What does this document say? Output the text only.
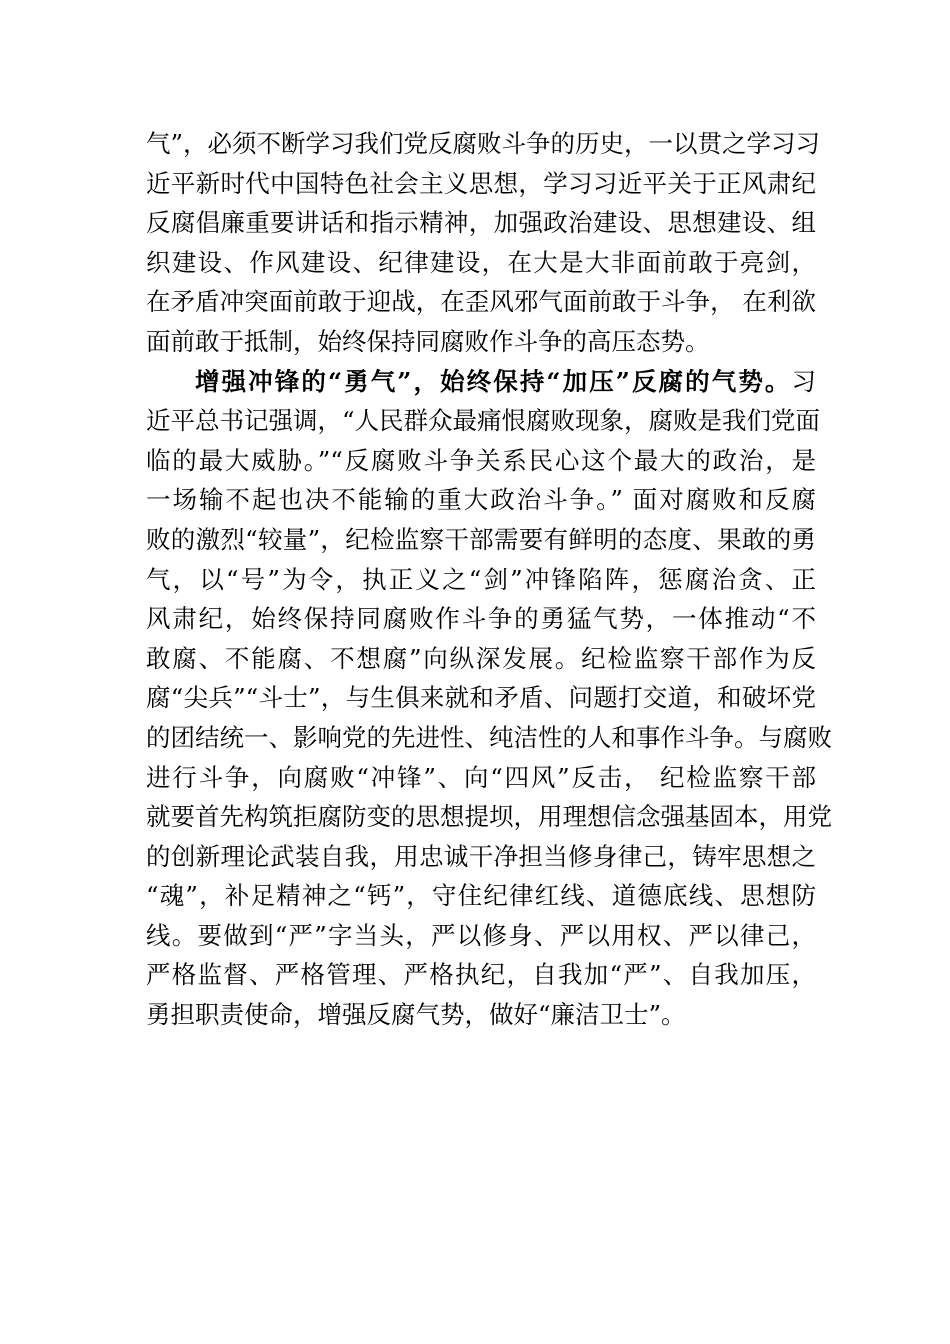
气”，必须不断学习我们党反腐败斗争的历史，一以贯之学习习
近平新时代中国特色社会主义思想，学习习近平关于正风肃纪
反腐倡廉重要讲话和指示精神，加强政治建设、思想建设、组
织建设、作风建设、纪律建设，在大是大非面前敢于亮剑，
在矛盾冲突面前敢于迎战，在歪风邪气面前敢于斗争， 在利欲
面前敢于抵制，始终保持同腐败作斗争的高压态势。
增强冲锋的“勇气”，始终保持“加压”反腐的气势。习
近平总书记强调，“人民群众最痛恨腐败现象，腐败是我们党面
临的最大威胁。”“反腐败斗争关系民心这个最大的政治，是
一场输不起也决不能输的重大政治斗争。” 面对腐败和反腐
败的激烈“较量”，纪检监察干部需要有鲜明的态度、果敢的勇
气，以“号”为令，执正义之“剑”冲锋陷阵，惩腐治贪、正
风肃纪，始终保持同腐败作斗争的勇猛气势，一体推动“不
敢腐、不能腐、不想腐”向纵深发展。纪检监察干部作为反
腐“尖兵”“斗士”，与生俱来就和矛盾、问题打交道，和破坏党
的团结统一、影响党的先进性、纯洁性的人和事作斗争。与腐败
进行斗争，向腐败“冲锋”、向“四风”反击， 纪检监察干部
就要首先构筑拒腐防变的思想提坝，用理想信念强基固本，用党
的创新理论武装自我，用忠诚干净担当修身律己，铸牢思想之
“魂”，补足精神之“钙”，守住纪律红线、道德底线、思想防
线。要做到“严”字当头，严以修身、严以用权、严以律己，
严格监督、严格管理、严格执纪，自我加“严”、自我加压，
勇担职责使命，增强反腐气势，做好“廉洁卫士”。
